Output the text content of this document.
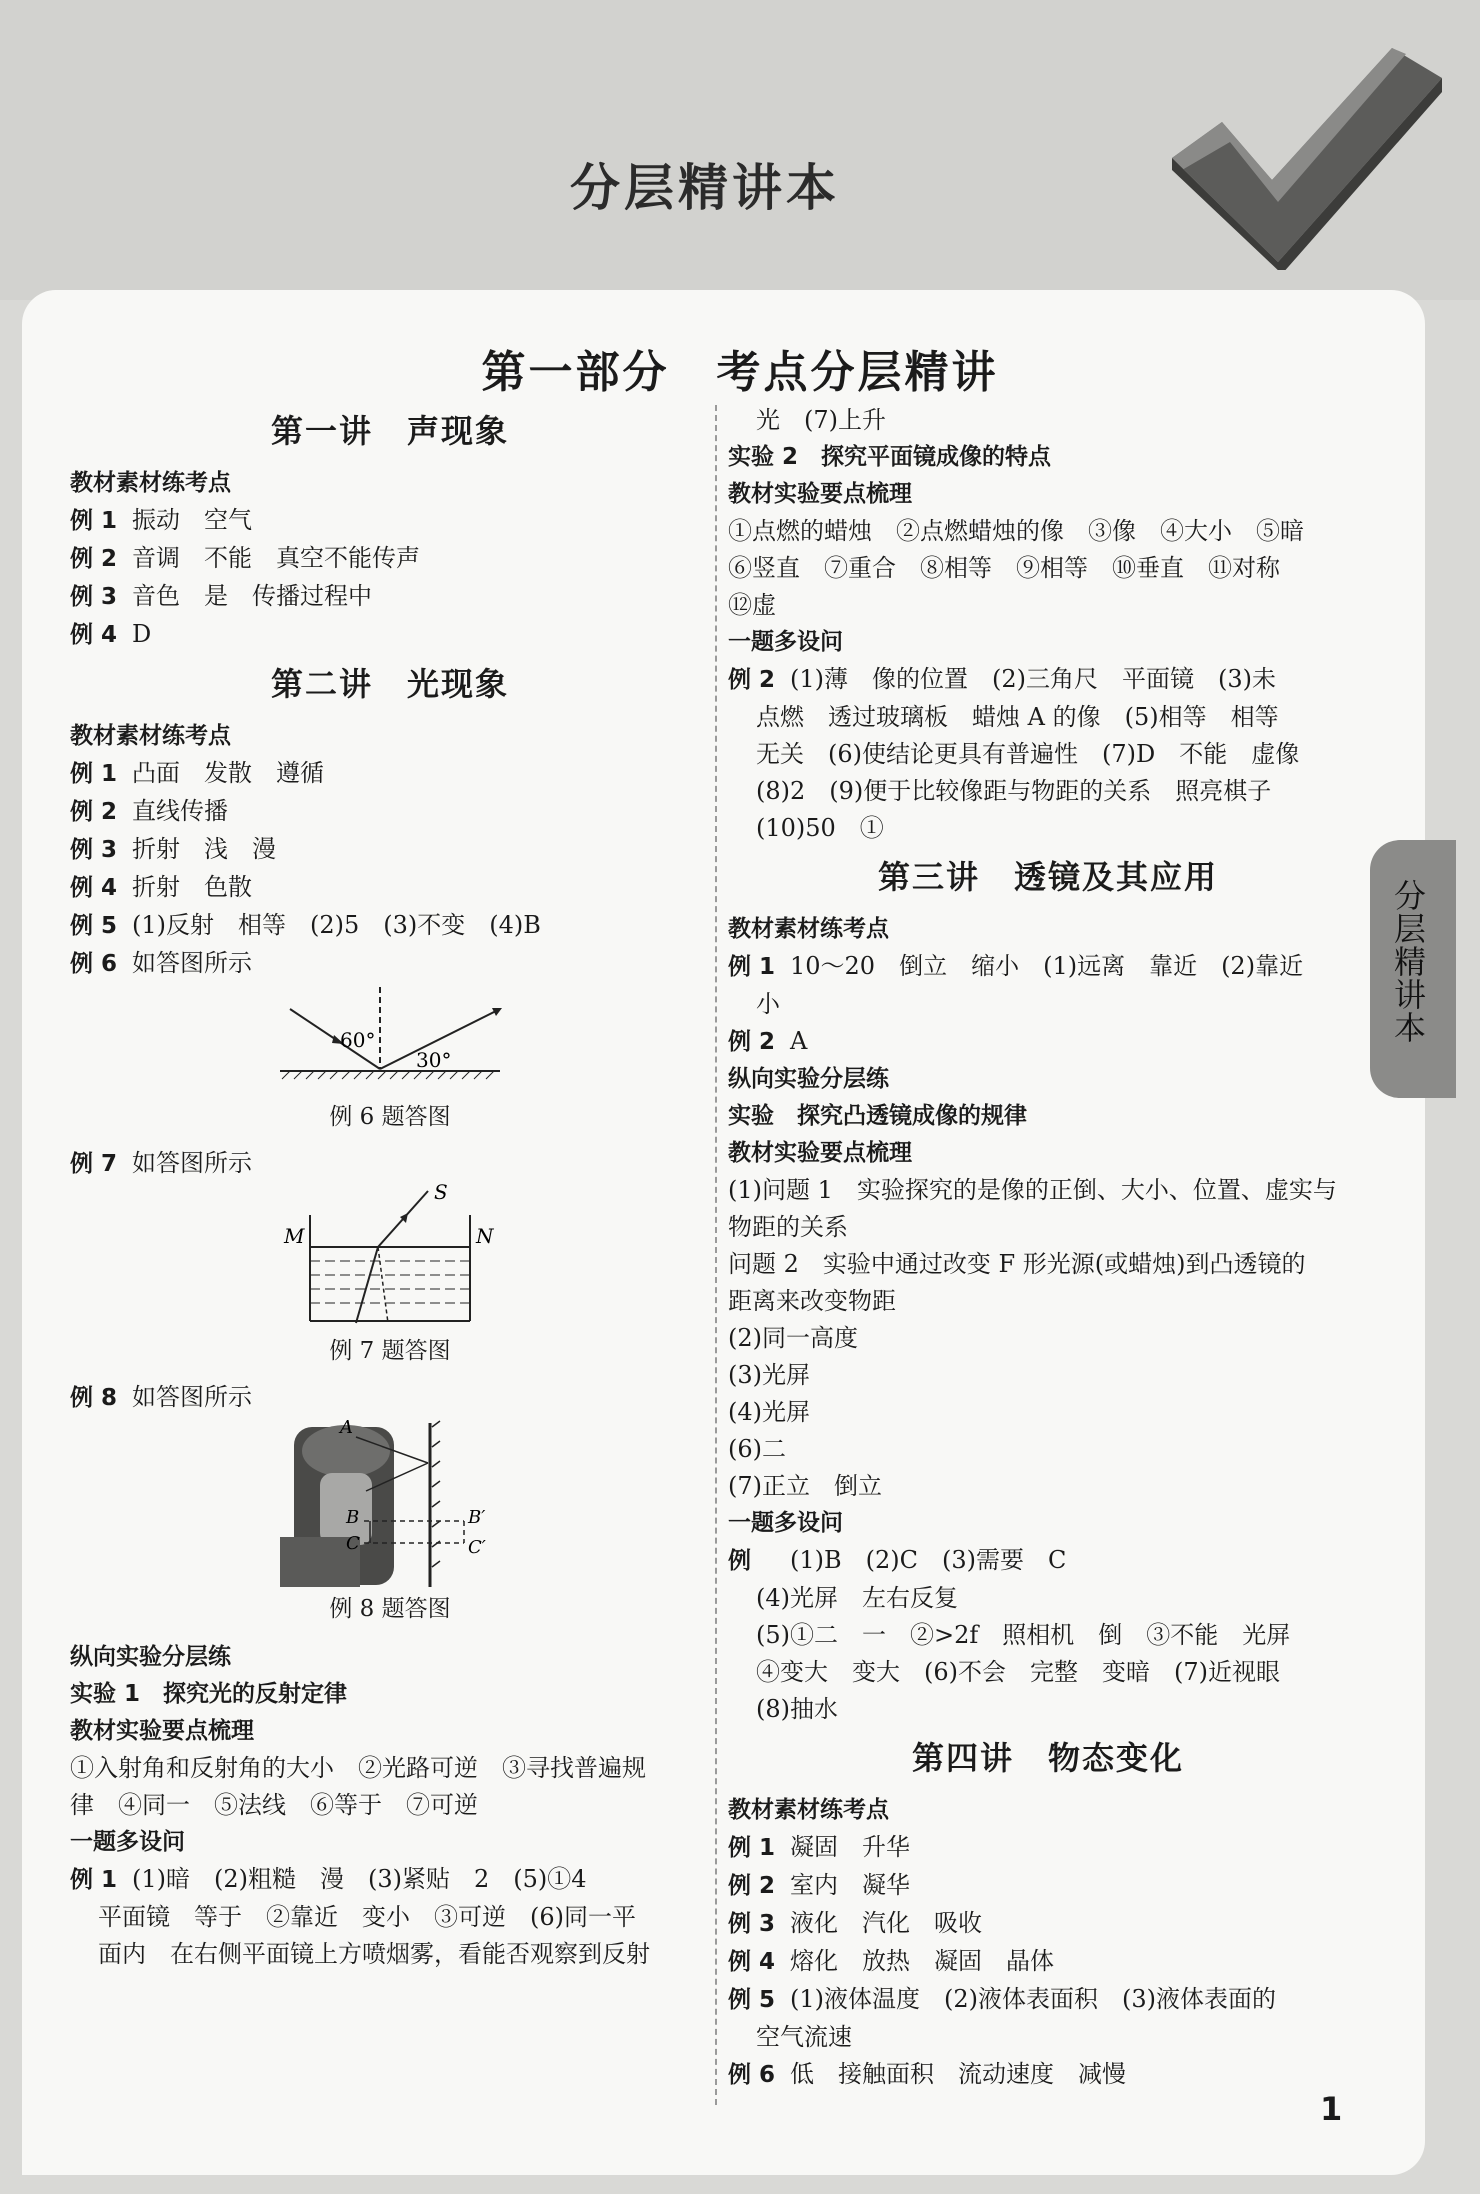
分层精讲本
第一部分　考点分层精讲
第一讲　声现象
教材素材练考点
例 1 振动　空气
例 2 音调　不能　真空不能传声
例 3 音色　是　传播过程中
例 4 D
第二讲　光现象
教材素材练考点
例 1 凸面　发散　遵循
例 2 直线传播
例 3 折射　浅　漫
例 4 折射　色散
例 5 (1)反射　相等　(2)5　(3)不变　(4)B
例 6 如答图所示
60°
30°
例 6 题答图
例 7 如答图所示
S
M	N
例 7 题答图
例 8 如答图所示
A
B	B′
C	C′
例 8 题答图
纵向实验分层练
实验 1　探究光的反射定律
教材实验要点梳理
①入射角和反射角的大小　②光路可逆　③寻找普遍规
律　④同一　⑤法线　⑥等于　⑦可逆
一题多设问
例 1 (1)暗　(2)粗糙　漫　(3)紧贴　2　(5)①4
平面镜　等于　②靠近　变小　③可逆　(6)同一平
面内　在右侧平面镜上方喷烟雾，看能否观察到反射
光　(7)上升
实验 2　探究平面镜成像的特点
教材实验要点梳理
①点燃的蜡烛　②点燃蜡烛的像　③像　④大小　⑤暗
⑥竖直　⑦重合　⑧相等　⑨相等　⑩垂直　⑪对称
⑫虚
一题多设问
例 2 (1)薄　像的位置　(2)三角尺　平面镜　(3)未
点燃　透过玻璃板　蜡烛 A 的像　(5)相等　相等
无关　(6)使结论更具有普遍性　(7)D　不能　虚像
(8)2　(9)便于比较像距与物距的关系　照亮棋子
(10)50　①
第三讲　透镜及其应用
教材素材练考点
例 1 10～20　倒立　缩小　(1)远离　靠近　(2)靠近
小
例 2 A
纵向实验分层练
实验　探究凸透镜成像的规律
教材实验要点梳理
(1)问题 1　实验探究的是像的正倒、大小、位置、虚实与
物距的关系
问题 2　实验中通过改变 F 形光源(或蜡烛)到凸透镜的
距离来改变物距
(2)同一高度
(3)光屏
(4)光屏
(6)二
(7)正立　倒立
一题多设问
例 (1)B　(2)C　(3)需要　C
(4)光屏　左右反复
(5)①二　一　②>2f　照相机　倒　③不能　光屏
④变大　变大　(6)不会　完整　变暗　(7)近视眼
(8)抽水
第四讲　物态变化
教材素材练考点
例 1 凝固　升华
例 2 室内　凝华
例 3 液化　汽化　吸收
例 4 熔化　放热　凝固　晶体
例 5 (1)液体温度　(2)液体表面积　(3)液体表面的
空气流速
例 6 低　接触面积　流动速度　减慢
分
层
精
讲
本
1
